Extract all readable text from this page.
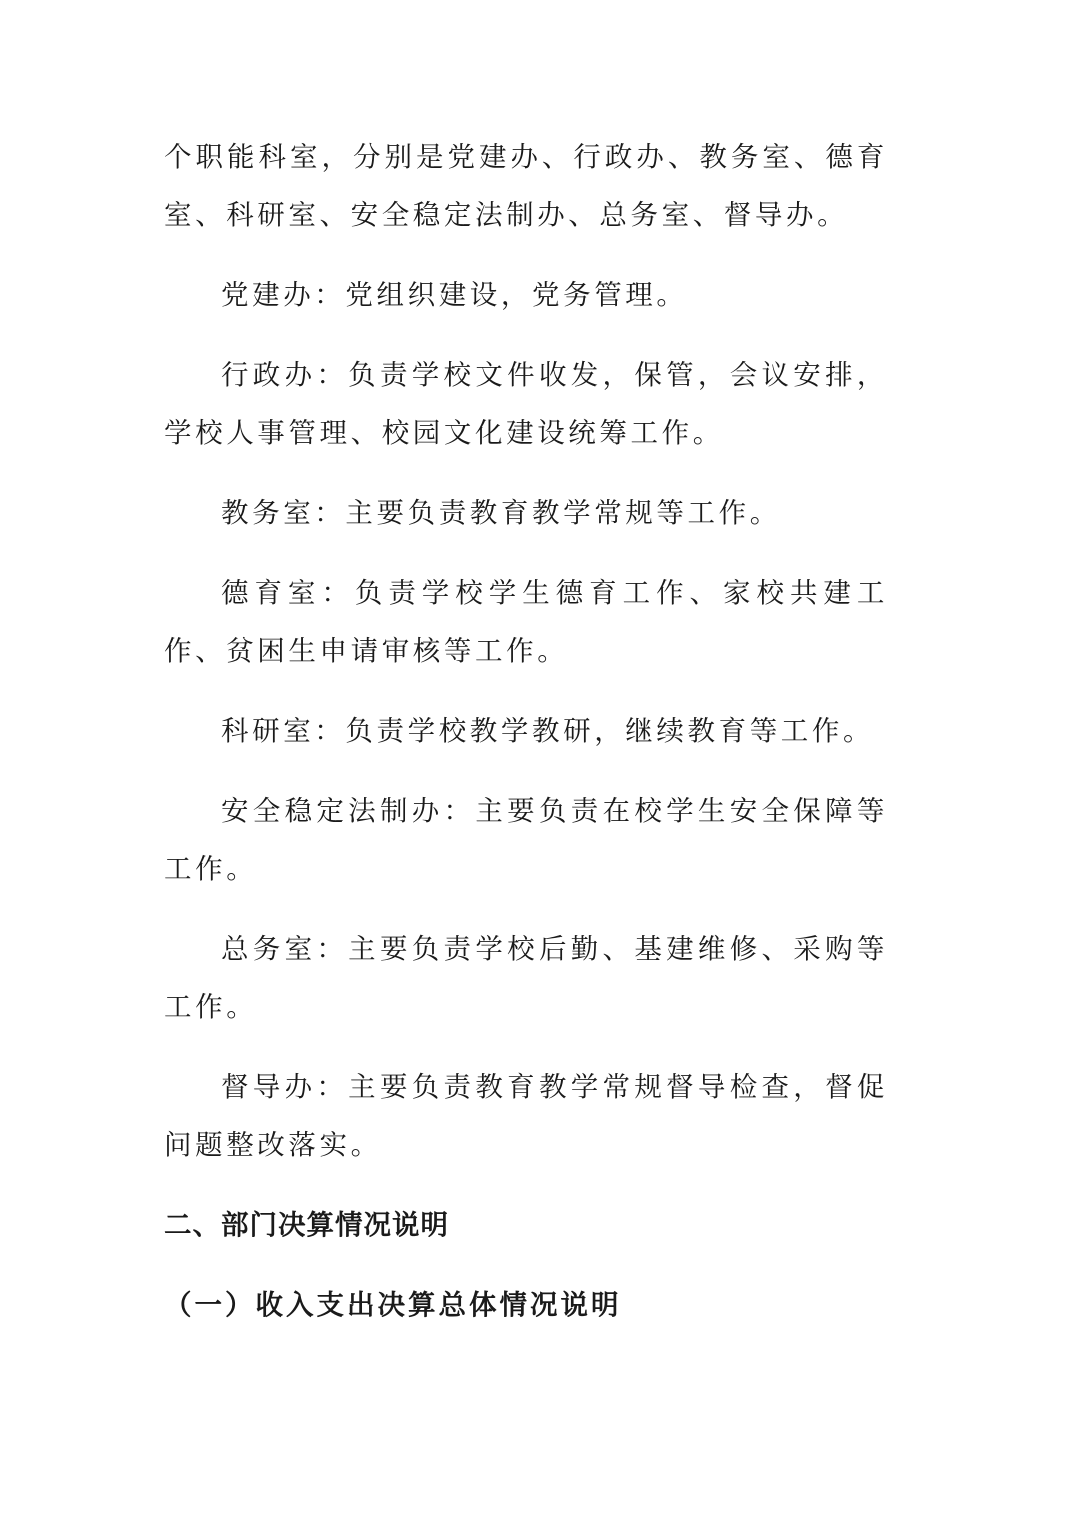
个职能科室，分别是党建办、行政办、教务室、德育室、科研室、安全稳定法制办、总务室、督导办。

党建办：党组织建设，党务管理。

行政办：负责学校文件收发，保管，会议安排，学校人事管理、校园文化建设统筹工作。

教务室：主要负责教育教学常规等工作。

德育室：负责学校学生德育工作、家校共建工作、贫困生申请审核等工作。

科研室：负责学校教学教研，继续教育等工作。

安全稳定法制办：主要负责在校学生安全保障等工作。

总务室：主要负责学校后勤、基建维修、采购等工作。

督导办：主要负责教育教学常规督导检查，督促问题整改落实。

二、部门决算情况说明
（一）收入支出决算总体情况说明
